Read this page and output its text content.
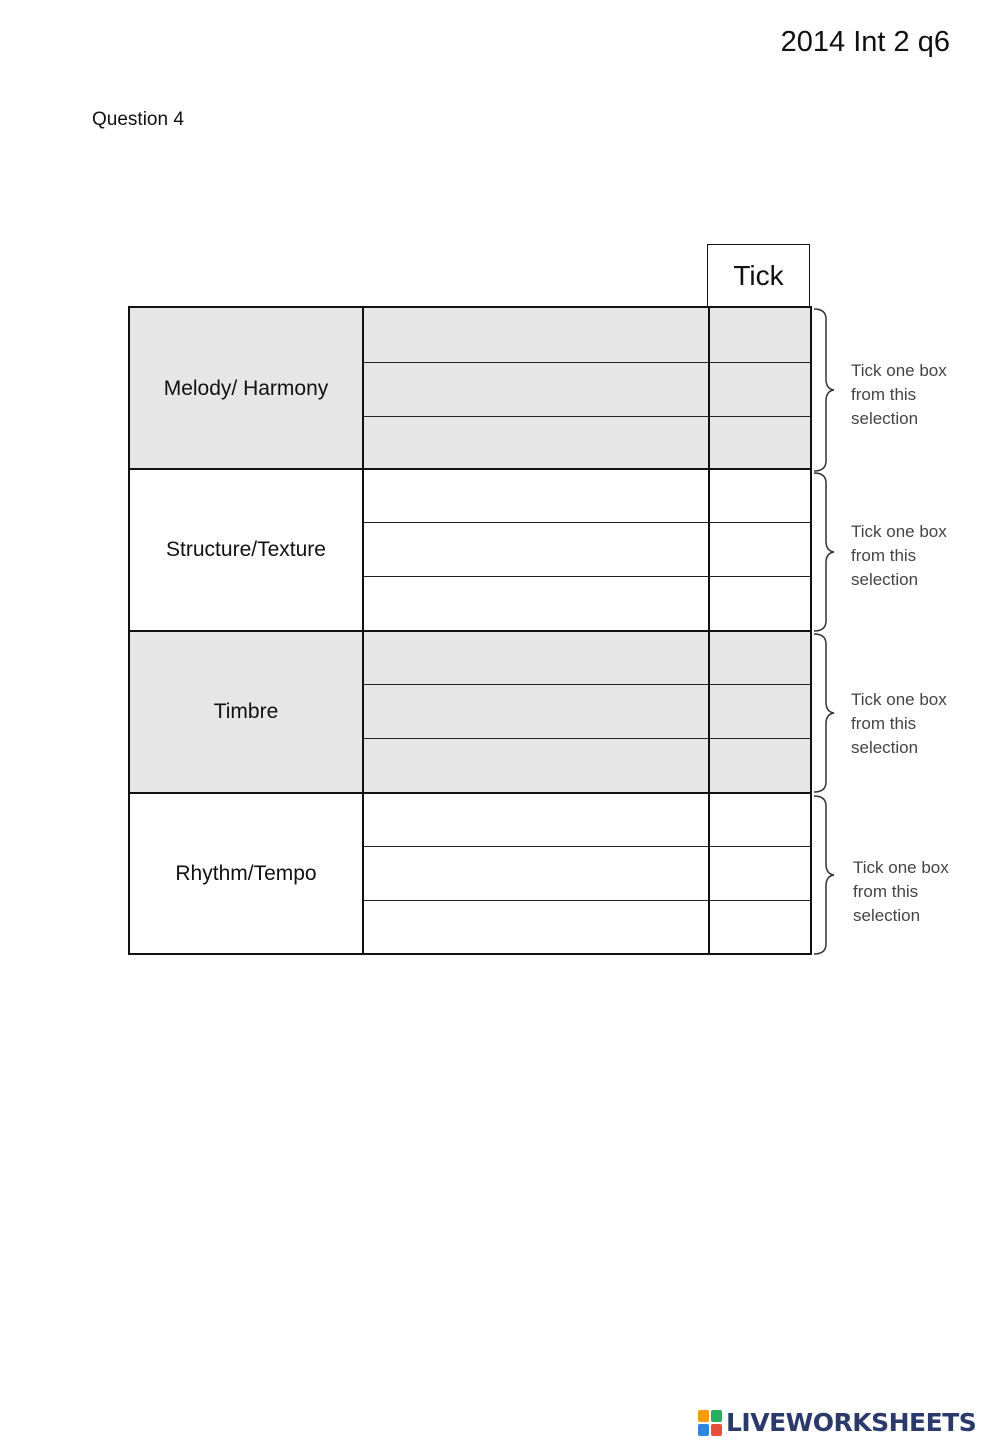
2014 Int 2 q6
Question 4
Tick
Melody/ Harmony
Structure/Texture
Timbre
Rhythm/Tempo
Tick one box
from this
selection
Tick one box
from this
selection
Tick one box
from this
selection
Tick one box
from this
selection
LIVEWORKSHEETS
